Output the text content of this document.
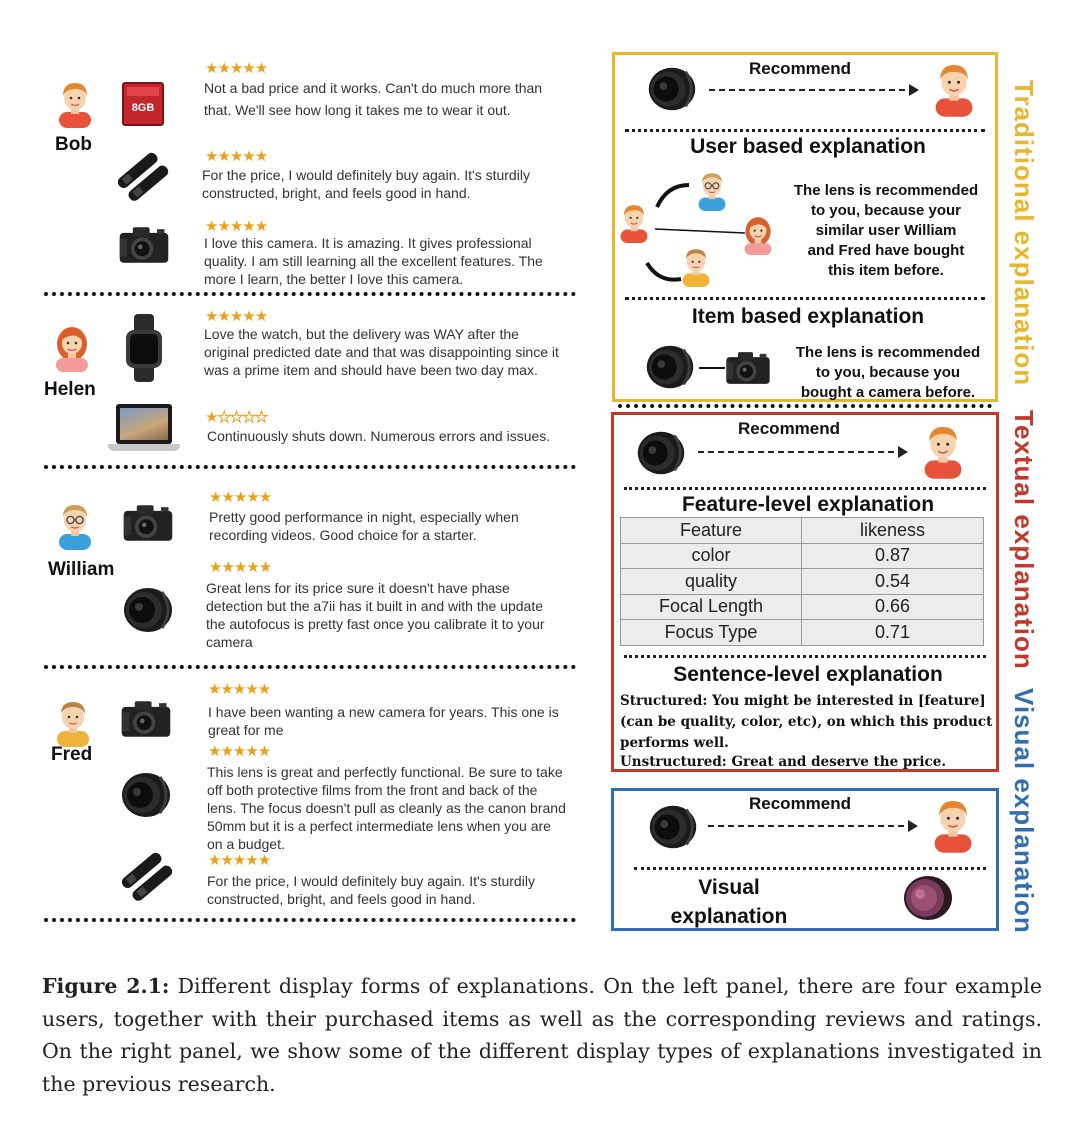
Bob
8GB
★★★★★
Not a bad price and it works. Can't do much more than that. We'll see how long it takes me to wear it out.
★★★★★
For the price, I would definitely buy again. It's sturdily constructed, bright, and feels good in hand.
★★★★★
I love this camera. It is amazing. It gives professional quality. I am still learning all the excellent features. The more I learn, the better I love this camera.
Helen
★★★★★
Love the watch, but the delivery was WAY after the original predicted date and that was disappointing since it was a prime item and should have been two day max.
★★★★★
Continuously shuts down. Numerous errors and issues.
William
★★★★★
Pretty good performance in night, especially when recording videos. Good choice for a starter.
★★★★★
Great lens for its price sure it doesn't have phase detection but the a7ii has it built in and with the update the autofocus is pretty fast once you calibrate it to your camera
Fred
★★★★★
I have been wanting a new camera for years. This one is great for me
★★★★★
This lens is great and perfectly functional. Be sure to take off both protective films from the front and back of the lens. The focus doesn't pull as cleanly as the canon brand 50mm but it is a perfect intermediate lens when you are on a budget.
★★★★★
For the price, I would definitely buy again. It's sturdily constructed, bright, and feels good in hand.
Recommend
User based explanation
The lens is recommended
to you, because your
similar user William
and Fred have bought
this item before.
Item based explanation
The lens is recommended
to you, because you
bought a camera before.
Recommend
Feature-level explanation
Feature	likeness
color	0.87
quality	0.54
Focal Length	0.66
Focus Type	0.71
Sentence-level explanation
Structured: You might be interested in [feature] (can be quality, color, etc), on which this product performs well.
Unstructured: Great and deserve the price.
Recommend
Visual
explanation
Traditional explanation
Textual explanation
Visual explanation
Figure 2.1: Different display forms of explanations. On the left panel, there are four example users, together with their purchased items as well as the corresponding reviews and ratings. On the right panel, we show some of the different display types of explanations investigated in the previous research.
